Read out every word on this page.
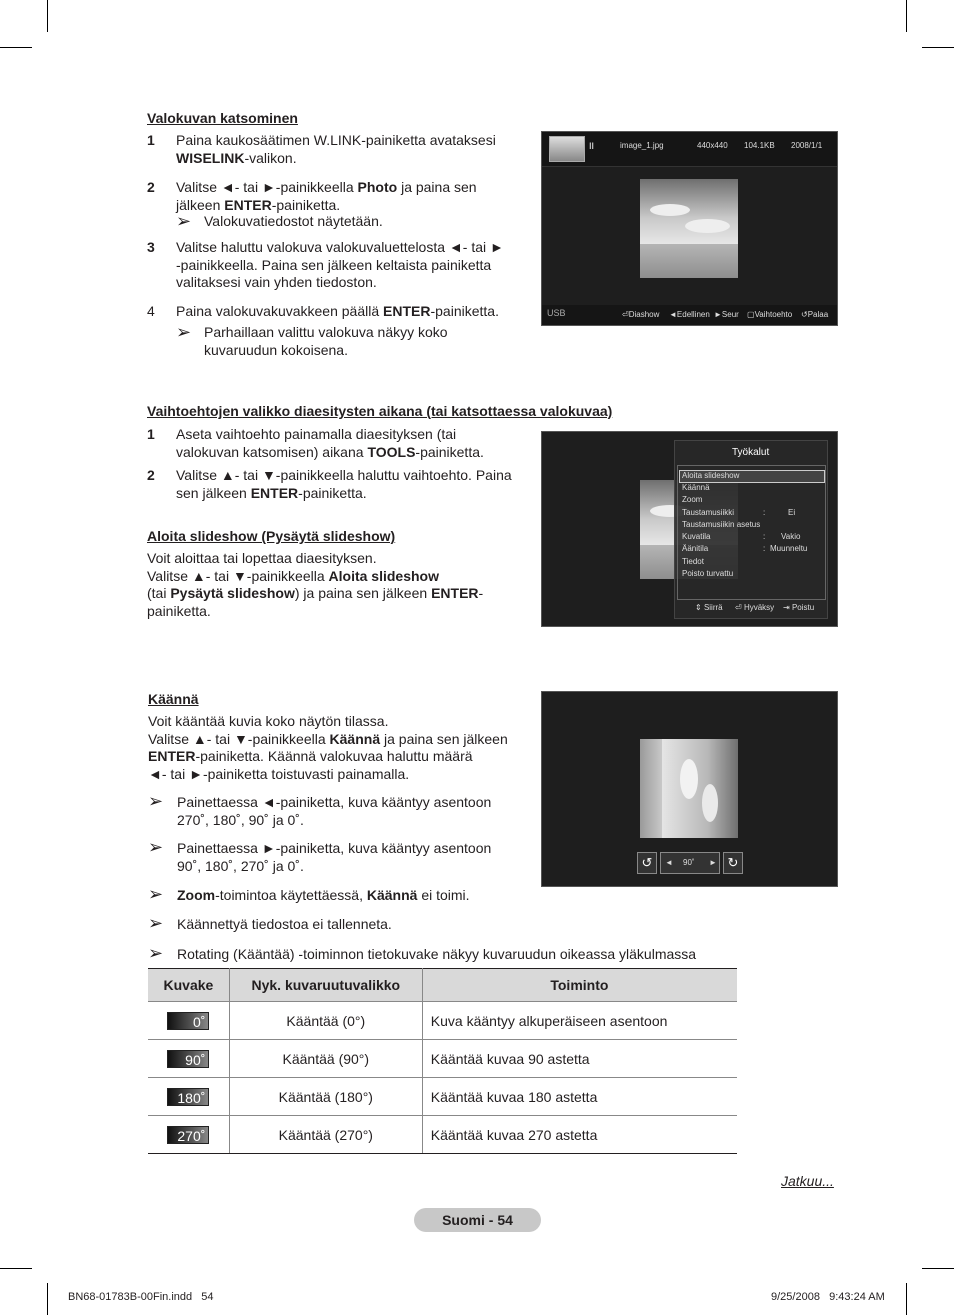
Valokuvan katsominen
1 Paina kaukosäätimen W.LINK-painiketta avataksesi WISELINK-valikon.
2 Valitse ◄- tai ►-painikkeella Photo ja paina sen
jälkeen ENTER-painiketta.
➢ Valokuvatiedostot näytetään.
3 Valitse haluttu valokuva valokuvaluettelosta ◄- tai ►
-painikkeella. Paina sen jälkeen keltaista painiketta
valitaksesi vain yhden tiedoston.
4 Paina valokuvakuvakkeen päällä ENTER-painiketta.
➢ Parhaillaan valittu valokuva näkyy koko
kuvaruudun kokoisena.
II	image_1.jpg	440x440 104.1KB 2008/1/1
USB	⏎Diashow ◄Edellinen ►Seur ▢Vaihtoehto ↺Palaa
Vaihtoehtojen valikko diaesitysten aikana (tai katsottaessa valokuvaa)
1 Aseta vaihtoehto painamalla diaesityksen (tai
valokuvan katsomisen) aikana TOOLS-painiketta.
2 Valitse ▲- tai ▼-painikkeella haluttu vaihtoehto. Paina
sen jälkeen ENTER-painiketta.
Työkalut
Aloita slideshow
Käännä
Zoom
Taustamusiikki	:	Ei
Taustamusiikin asetus
Kuvatila	: Vakio
Äänitila	: Muunneltu
Tiedot
Poisto turvattu
⇕ Siirrä ⏎ Hyväksy ⇥ Poistu
Aloita slideshow (Pysäytä slideshow)
Voit aloittaa tai lopettaa diaesityksen.
Valitse ▲- tai ▼-painikkeella Aloita slideshow
(tai Pysäytä slideshow) ja paina sen jälkeen ENTER-
painiketta.
Käännä
Voit kääntää kuvia koko näytön tilassa.
Valitse ▲- tai ▼-painikkeella Käännä ja paina sen jälkeen
ENTER-painiketta. Käännä valokuvaa haluttu määrä
◄- tai ►-painiketta toistuvasti painamalla.
➢ Painettaessa ◄-painiketta, kuva kääntyy asentoon
270˚, 180˚, 90˚ ja 0˚.
➢ Painettaessa ►-painiketta, kuva kääntyy asentoon
90˚, 180˚, 270˚ ja 0˚.
➢ Zoom-toimintoa käytettäessä, Käännä ei toimi.
➢ Käännettyä tiedostoa ei tallenneta.
➢ Rotating (Kääntää) -toiminnon tietokuvake näkyy kuvaruudun oikeassa yläkulmassa
↺	◄ 90˚ ► ↻
Kuvake	Nyk. kuvaruutuvalikko	Toiminto
0˚	Kääntää (0°)	Kuva kääntyy alkuperäiseen asentoon
90˚	Kääntää (90°)	Kääntää kuvaa 90 astetta
180˚	Kääntää (180°)	Kääntää kuvaa 180 astetta
270˚	Kääntää (270°)	Kääntää kuvaa 270 astetta
Jatkuu...
Suomi - 54
BN68-01783B-00Fin.indd   54	9/25/2008   9:43:24 AM
